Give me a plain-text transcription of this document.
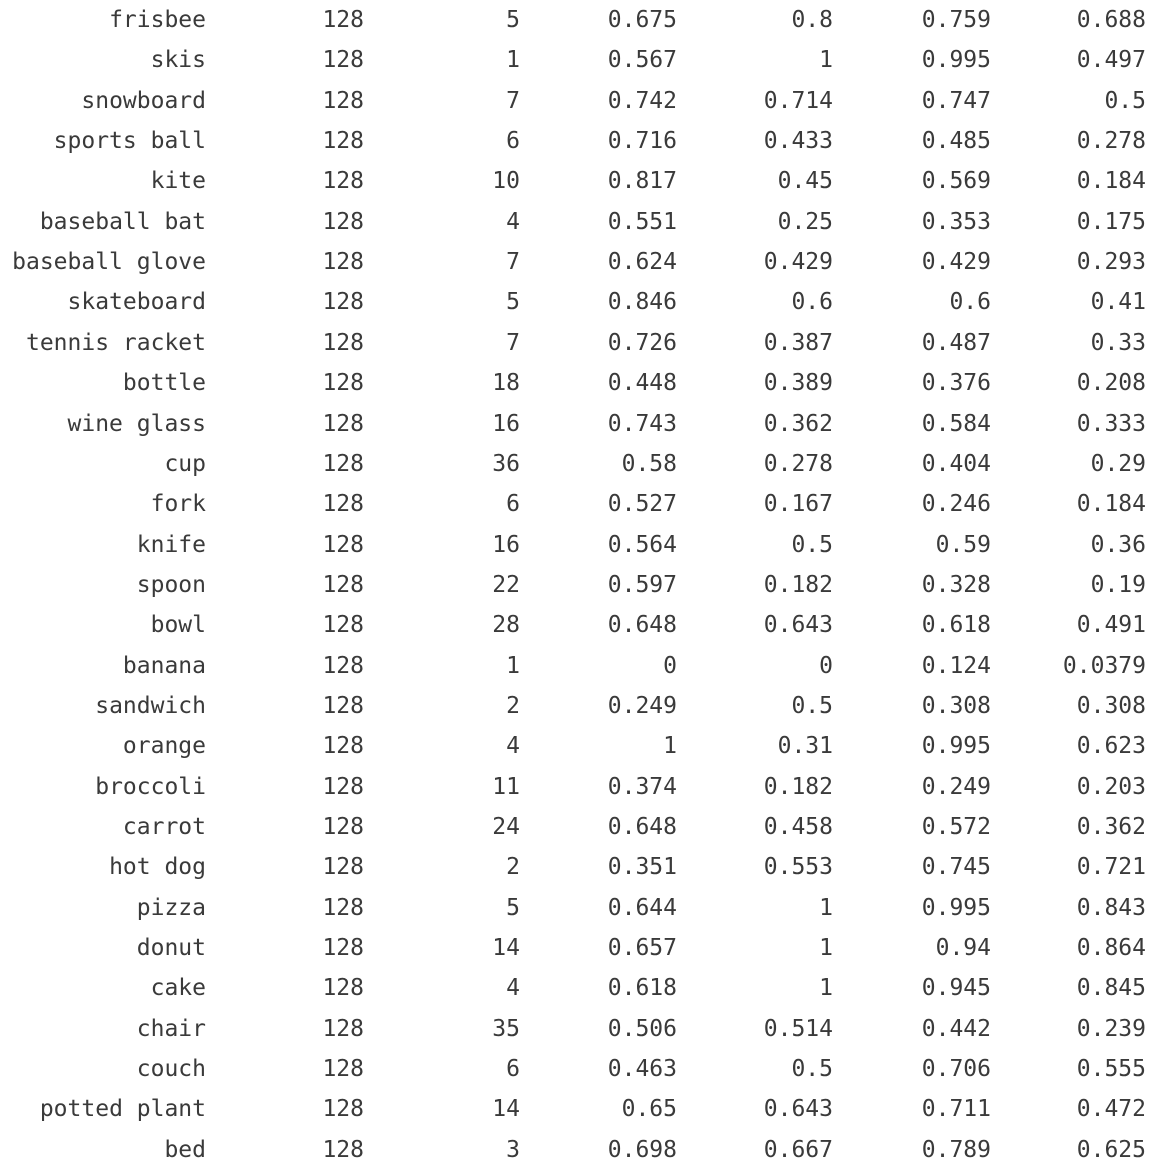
frisbee	128	5	0.675	0.8	0.759	0.688
skis	128	1	0.567	1	0.995	0.497
snowboard	128	7	0.742	0.714	0.747	0.5
sports ball	128	6	0.716	0.433	0.485	0.278
kite	128	10	0.817	0.45	0.569	0.184
baseball bat	128	4	0.551	0.25	0.353	0.175
baseball glove	128	7	0.624	0.429	0.429	0.293
skateboard	128	5	0.846	0.6	0.6	0.41
tennis racket	128	7	0.726	0.387	0.487	0.33
bottle	128	18	0.448	0.389	0.376	0.208
wine glass	128	16	0.743	0.362	0.584	0.333
cup	128	36	0.58	0.278	0.404	0.29
fork	128	6	0.527	0.167	0.246	0.184
knife	128	16	0.564	0.5	0.59	0.36
spoon	128	22	0.597	0.182	0.328	0.19
bowl	128	28	0.648	0.643	0.618	0.491
banana	128	1	0	0	0.124	0.0379
sandwich	128	2	0.249	0.5	0.308	0.308
orange	128	4	1	0.31	0.995	0.623
broccoli	128	11	0.374	0.182	0.249	0.203
carrot	128	24	0.648	0.458	0.572	0.362
hot dog	128	2	0.351	0.553	0.745	0.721
pizza	128	5	0.644	1	0.995	0.843
donut	128	14	0.657	1	0.94	0.864
cake	128	4	0.618	1	0.945	0.845
chair	128	35	0.506	0.514	0.442	0.239
couch	128	6	0.463	0.5	0.706	0.555
potted plant	128	14	0.65	0.643	0.711	0.472
bed	128	3	0.698	0.667	0.789	0.625
